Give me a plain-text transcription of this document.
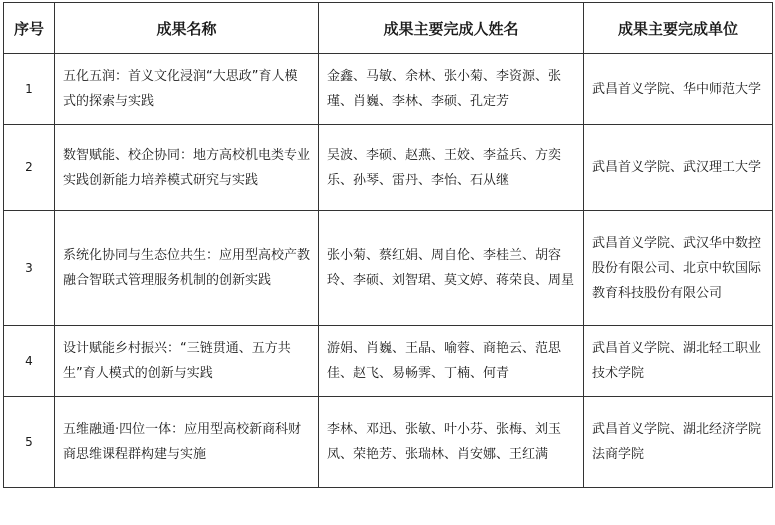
序号	成果名称	成果主要完成人姓名	成果主要完成单位
1	五化五润：首义文化浸润“大思政”育人模式的探索与实践	金鑫、马敏、余林、张小菊、李资源、张瑾、肖巍、李林、李硕、孔定芳	武昌首义学院、华中师范大学
2	数智赋能、校企协同：地方高校机电类专业 实践创新能力培养模式研究与实践	吴波、李硕、赵燕、王姣、李益兵、方奕乐、孙琴、雷丹、李怡、石从继	武昌首义学院、武汉理工大学
3	系统化协同与生态位共生：应用型高校产教融合智联式管理服务机制的创新实践	张小菊、蔡红娟、周自伦、李桂兰、胡容玲、李硕、刘智珺、莫文婷、蒋荣良、周星	武昌首义学院、武汉华中数控股份有限公司、北京中软国际教育科技股份有限公司
4	设计赋能乡村振兴：“三链贯通、五方共生”育人模式的创新与实践	游娟、肖巍、王晶、喻蓉、商艳云、范思佳、赵飞、易畅霁、丁楠、何青	武昌首义学院、湖北轻工职业技术学院
5	五维融通·四位一体：应用型高校新商科财商思维课程群构建与实施	李林、邓迅、张敏、叶小芬、张梅、刘玉凤、荣艳芳、张瑞林、肖安娜、王红满	武昌首义学院、湖北经济学院法商学院
